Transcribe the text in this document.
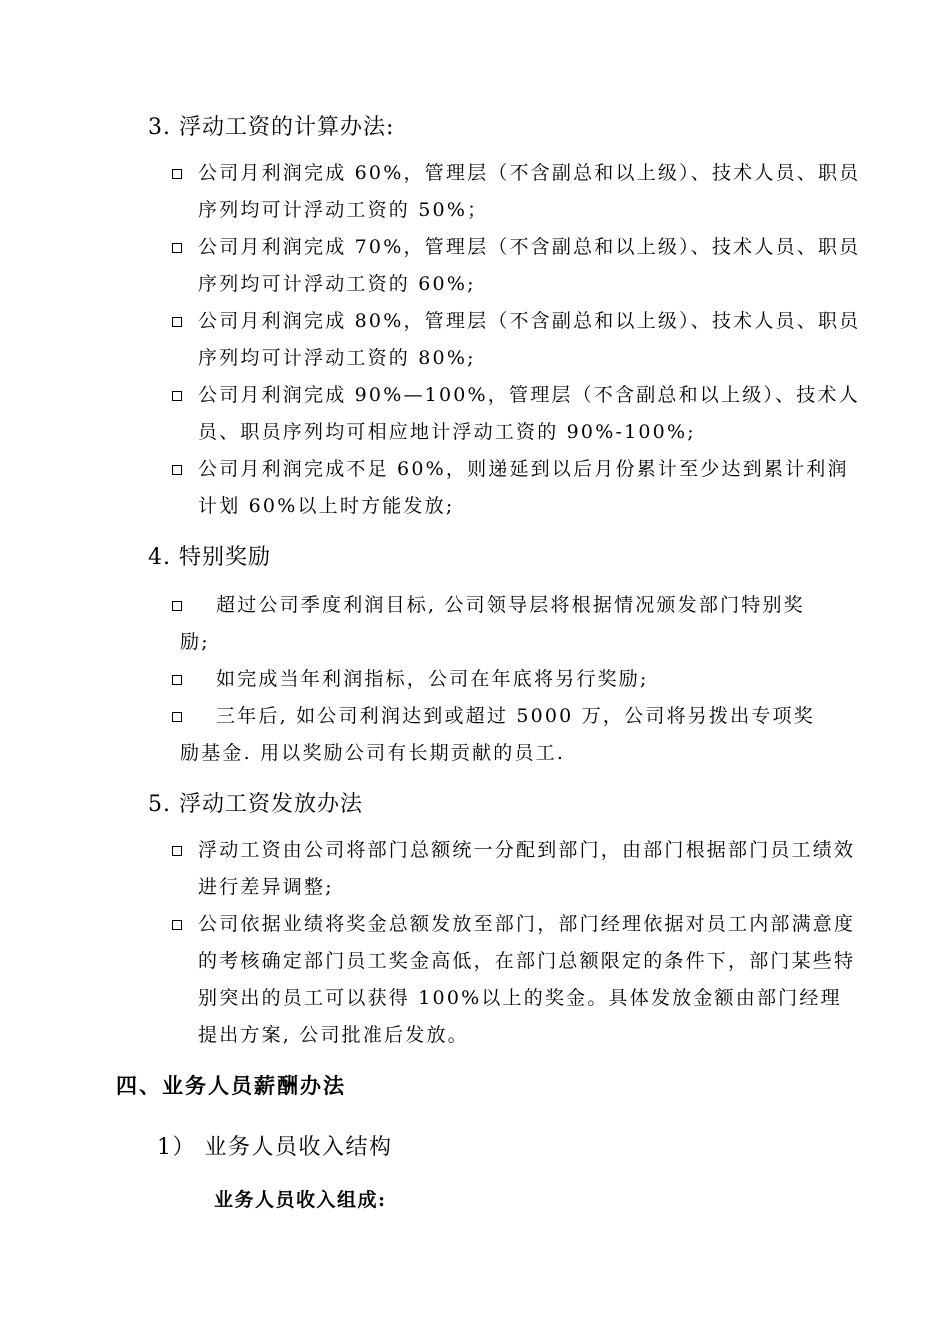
3. 浮动工资的计算办法:
公司月利润完成 60%，管理层（不含副总和以上级）、技术人员、职员序列均可计浮动工资的 50%；
公司月利润完成 70%，管理层（不含副总和以上级）、技术人员、职员序列均可计浮动工资的 60%;
公司月利润完成 80%，管理层（不含副总和以上级）、技术人员、职员序列均可计浮动工资的 80%;
公司月利润完成 90%—100%，管理层（不含副总和以上级）、技术人员、职员序列均可相应地计浮动工资的 90%-100%;
公司月利润完成不足 60%，则递延到以后月份累计至少达到累计利润计划 60%以上时方能发放;
4. 特别奖励
超过公司季度利润目标, 公司领导层将根据情况颁发部门特别奖
励;
如完成当年利润指标，公司在年底将另行奖励;
三年后, 如公司利润达到或超过 5000 万，公司将另拨出专项奖
励基金. 用以奖励公司有长期贡献的员工.
5. 浮动工资发放办法
浮动工资由公司将部门总额统一分配到部门，由部门根据部门员工绩效进行差异调整;
公司依据业绩将奖金总额发放至部门，部门经理依据对员工内部满意度的考核确定部门员工奖金高低，在部门总额限定的条件下，部门某些特别突出的员工可以获得 100%以上的奖金。具体发放金额由部门经理提出方案, 公司批准后发放。
四、业务人员薪酬办法
1） 业务人员收入结构
业务人员收入组成:
